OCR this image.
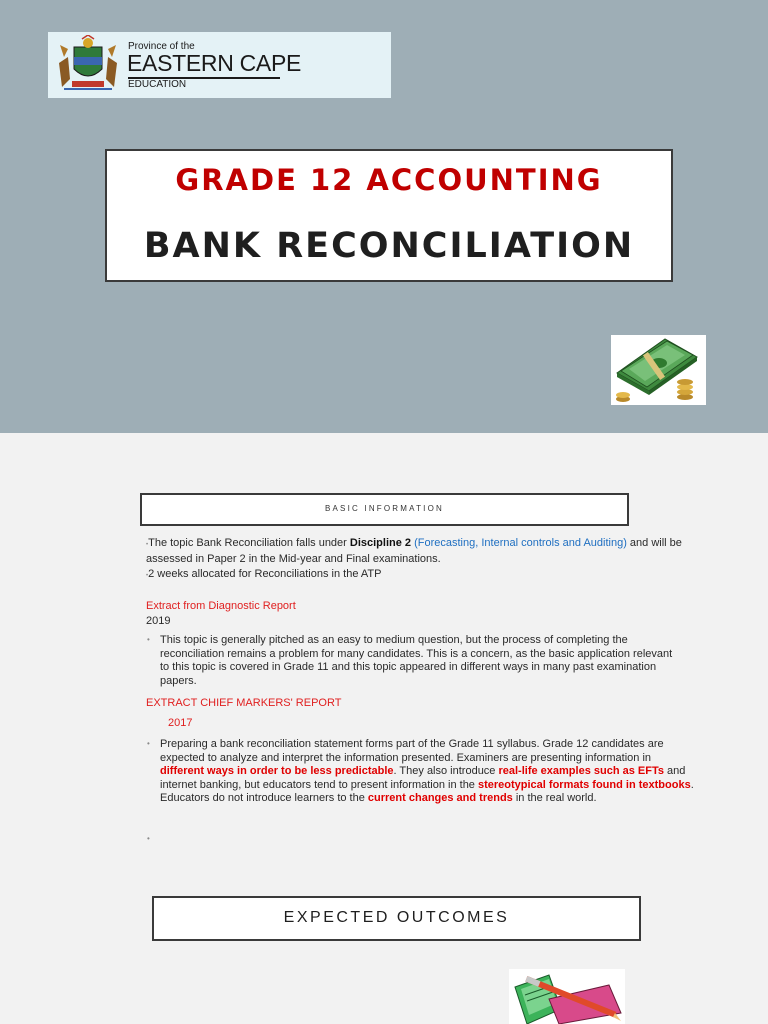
Province of the
EASTERN CAPE
EDUCATION
GRADE 12 ACCOUNTING
BANK RECONCILIATION
BASIC INFORMATION
•The topic Bank Reconciliation falls under Discipline 2 (Forecasting, Internal controls and Auditing) and will be assessed in Paper 2 in the Mid-year and Final examinations.
•2 weeks allocated for Reconciliations in the ATP
Extract from Diagnostic Report
2019
• This topic is generally pitched as an easy to medium question, but the process of completing the reconciliation remains a problem for many candidates. This is a concern, as the basic application relevant to this topic is covered in Grade 11 and this topic appeared in different ways in many past examination papers.
EXTRACT CHIEF MARKERS' REPORT
2017
• Preparing a bank reconciliation statement forms part of the Grade 11 syllabus. Grade 12 candidates are expected to analyze and interpret the information presented. Examiners are presenting information in different ways in order to be less predictable. They also introduce real-life examples such as EFTs and internet banking, but educators tend to present information in the stereotypical formats found in textbooks. Educators do not introduce learners to the current changes and trends in the real world.
•
EXPECTED OUTCOMES
